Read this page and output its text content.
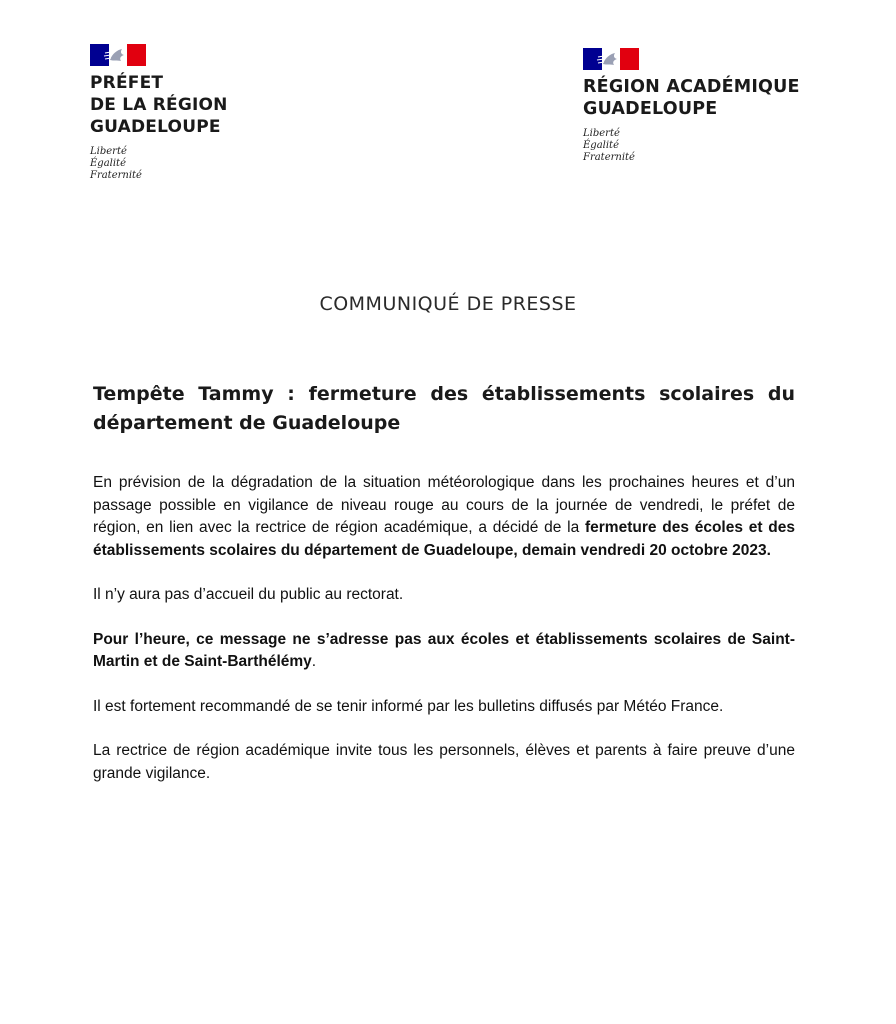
PRÉFET
DE LA RÉGION
GUADELOUPE
Liberté
Égalité
Fraternité
RÉGION ACADÉMIQUE
GUADELOUPE
Liberté
Égalité
Fraternité
COMMUNIQUÉ DE PRESSE
Tempête Tammy : fermeture des établissements scolaires du département de Guadeloupe

En prévision de la dégradation de la situation météorologique dans les prochaines heures et d’un passage possible en vigilance de niveau rouge au cours de la journée de vendredi, le préfet de région, en lien avec la rectrice de région académique, a décidé de la fermeture des écoles et des établissements scolaires du département de Guadeloupe, demain vendredi 20 octobre 2023.

Il n’y aura pas d’accueil du public au rectorat.

Pour l’heure, ce message ne s’adresse pas aux écoles et établissements scolaires de Saint-Martin et de Saint-Barthélémy.

Il est fortement recommandé de se tenir informé par les bulletins diffusés par Météo France.

La rectrice de région académique invite tous les personnels, élèves et parents à faire preuve d’une grande vigilance.
